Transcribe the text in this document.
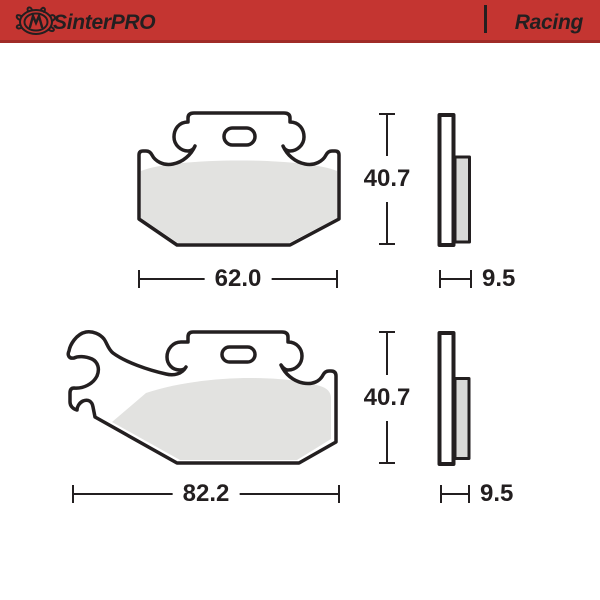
SinterPRO	Racing
40.7
62.0	9.5
40.7
82.2	9.5
